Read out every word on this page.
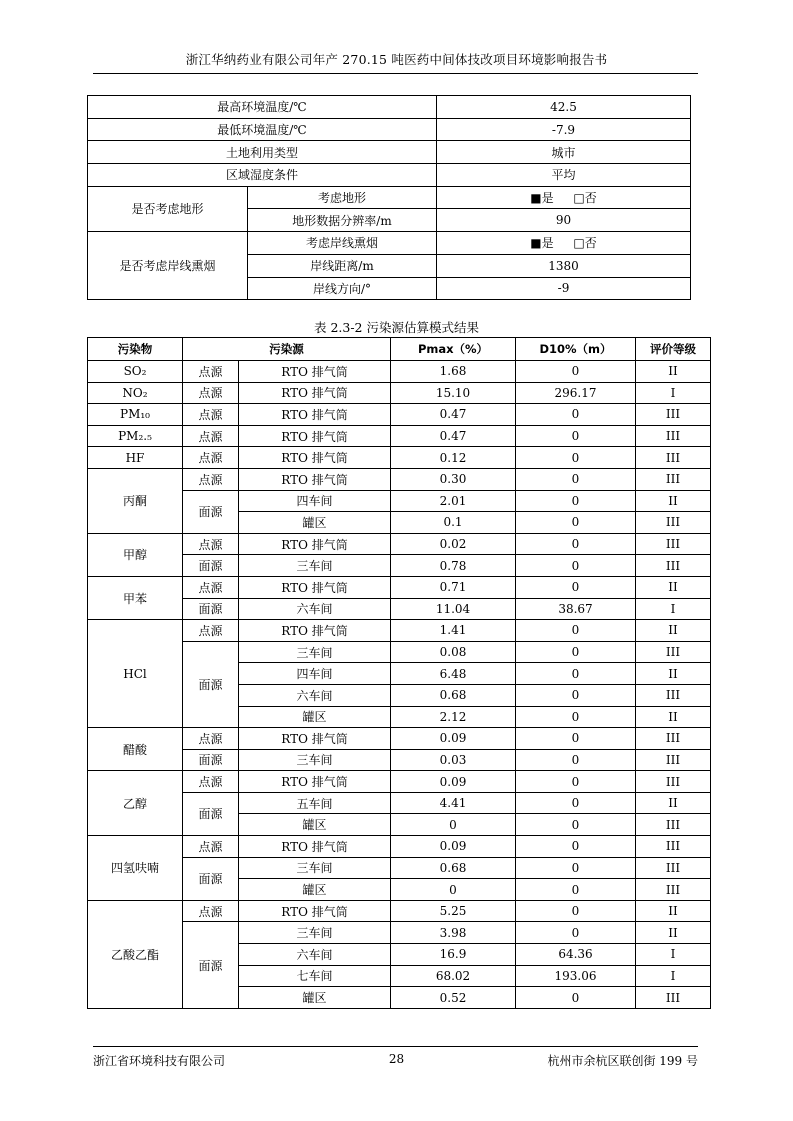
浙江华纳药业有限公司年产 270.15 吨医药中间体技改项目环境影响报告书
最高环境温度/℃		42.5
最低环境温度/℃		-7.9
土地利用类型		城市
区域湿度条件		平均
是否考虑地形	考虑地形	■是 □否
	地形数据分辨率/m	90
是否考虑岸线熏烟	考虑岸线熏烟	■是 □否
	岸线距离/m	1380
	岸线方向/°	-9
表 2.3-2 污染源估算模式结果
污染物	污染源		Pmax（%）	D10%（m）	评价等级
SO₂	点源	RTO 排气筒	1.68	0	II
NO₂	点源	RTO 排气筒	15.10	296.17	I
PM₁₀	点源	RTO 排气筒	0.47	0	III
PM₂.₅	点源	RTO 排气筒	0.47	0	III
HF	点源	RTO 排气筒	0.12	0	III
丙酮	点源	RTO 排气筒	0.30	0	III
	面源	四车间	2.01	0	II
		罐区	0.1	0	III
甲醇	点源	RTO 排气筒	0.02	0	III
	面源	三车间	0.78	0	III
甲苯	点源	RTO 排气筒	0.71	0	II
	面源	六车间	11.04	38.67	I
HCl	点源	RTO 排气筒	1.41	0	II
	面源	三车间	0.08	0	III
		四车间	6.48	0	II
		六车间	0.68	0	III
		罐区	2.12	0	II
醋酸	点源	RTO 排气筒	0.09	0	III
	面源	三车间	0.03	0	III
乙醇	点源	RTO 排气筒	0.09	0	III
	面源	五车间	4.41	0	II
		罐区	0	0	III
四氢呋喃	点源	RTO 排气筒	0.09	0	III
	面源	三车间	0.68	0	III
		罐区	0	0	III
乙酸乙酯	点源	RTO 排气筒	5.25	0	II
	面源	三车间	3.98	0	II
		六车间	16.9	64.36	I
		七车间	68.02	193.06	I
		罐区	0.52	0	III
浙江省环境科技有限公司	28	杭州市余杭区联创街 199 号
